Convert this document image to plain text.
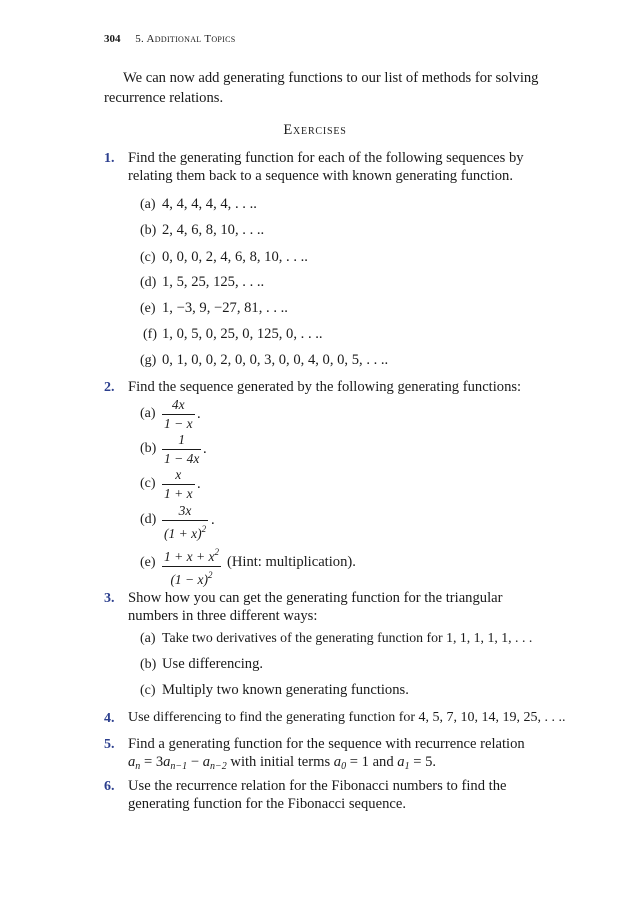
304 5. Additional Topics
We can now add generating functions to our list of methods for solving
recurrence relations.
Exercises
1. Find the generating function for each of the following sequences by
relating them back to a sequence with known generating function.
(a) 4, 4, 4, 4, 4, . . ..
(b) 2, 4, 6, 8, 10, . . ..
(c) 0, 0, 0, 2, 4, 6, 8, 10, . . ..
(d) 1, 5, 25, 125, . . ..
(e) 1, −3, 9, −27, 81, . . ..
(f) 1, 0, 5, 0, 25, 0, 125, 0, . . ..
(g) 0, 1, 0, 0, 2, 0, 0, 3, 0, 0, 4, 0, 0, 5, . . ..
2. Find the sequence generated by the following generating functions:
(a)
4x
1 − x
.
(b)
1
1 − 4x
.
(c)
x
1 + x
.
(d)
3x
$(1 + x)^2$
.
(e) $1 + x + x^2$
$(1 - x)^2$
(Hint: multiplication).
3. Show how you can get the generating function for the triangular
numbers in three different ways:
(a) Take two derivatives of the generating function for 1, 1, 1, 1, 1, . . .
(b) Use differencing.
(c) Multiply two known generating functions.
4. Use differencing to find the generating function for 4, 5, 7, 10, 14, 19, 25, . . ..
5. Find a generating function for the sequence with recurrence relation
$a_n = 3a_{n-1} - a_{n-2}$ with initial terms $a_0 = 1$ and $a_1 = 5$.
6. Use the recurrence relation for the Fibonacci numbers to find the
generating function for the Fibonacci sequence.
